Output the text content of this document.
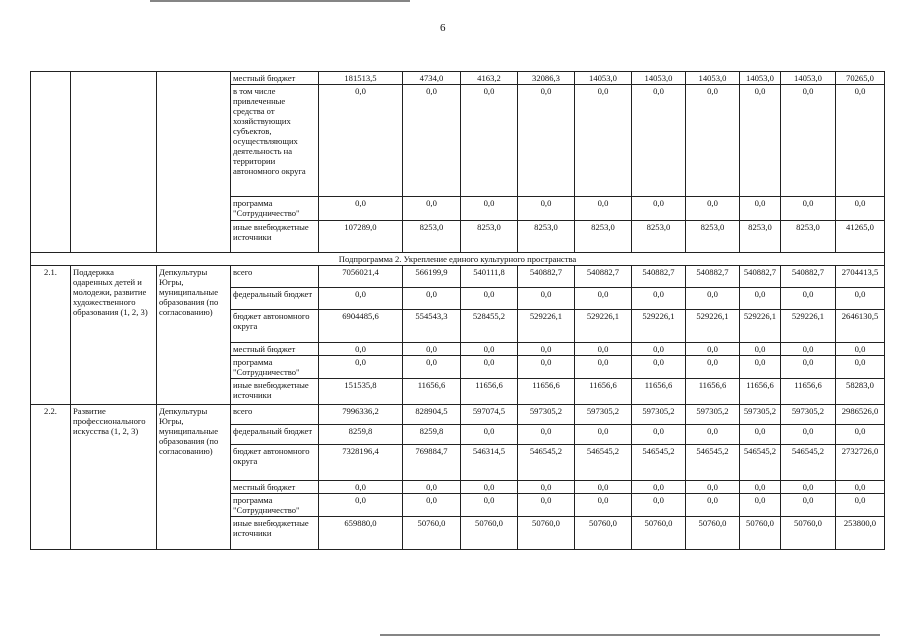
6
			местный бюджет	181513,5	4734,0	4163,2	32086,3	14053,0	14053,0	14053,0	14053,0	14053,0	70265,0
			в том числе привлеченные средства от хозяйствующих субъектов, осуществляющих деятельность на территории автономного округа	0,0	0,0	0,0	0,0	0,0	0,0	0,0	0,0	0,0	0,0
			программа "Сотрудничество"	0,0	0,0	0,0	0,0	0,0	0,0	0,0	0,0	0,0	0,0
			иные внебюджетные источники	107289,0	8253,0	8253,0	8253,0	8253,0	8253,0	8253,0	8253,0	8253,0	41265,0
Подпрограмма 2. Укрепление единого культурного пространства													
2.1.	Поддержка одаренных детей и молодежи, развитие художественного образования (1, 2, 3)	Депкультуры Югры, муниципальные образования (по согласованию)	всего	7056021,4	566199,9	540111,8	540882,7	540882,7	540882,7	540882,7	540882,7	540882,7	2704413,5
			федеральный бюджет	0,0	0,0	0,0	0,0	0,0	0,0	0,0	0,0	0,0	0,0
			бюджет автономного округа	6904485,6	554543,3	528455,2	529226,1	529226,1	529226,1	529226,1	529226,1	529226,1	2646130,5
			местный бюджет	0,0	0,0	0,0	0,0	0,0	0,0	0,0	0,0	0,0	0,0
			программа "Сотрудничество"	0,0	0,0	0,0	0,0	0,0	0,0	0,0	0,0	0,0	0,0
			иные внебюджетные источники	151535,8	11656,6	11656,6	11656,6	11656,6	11656,6	11656,6	11656,6	11656,6	58283,0
2.2.	Развитие профессионального искусства (1, 2, 3)	Депкультуры Югры, муниципальные образования (по согласованию)	всего	7996336,2	828904,5	597074,5	597305,2	597305,2	597305,2	597305,2	597305,2	597305,2	2986526,0
			федеральный бюджет	8259,8	8259,8	0,0	0,0	0,0	0,0	0,0	0,0	0,0	0,0
			бюджет автономного округа	7328196,4	769884,7	546314,5	546545,2	546545,2	546545,2	546545,2	546545,2	546545,2	2732726,0
			местный бюджет	0,0	0,0	0,0	0,0	0,0	0,0	0,0	0,0	0,0	0,0
			программа "Сотрудничество"	0,0	0,0	0,0	0,0	0,0	0,0	0,0	0,0	0,0	0,0
			иные внебюджетные источники	659880,0	50760,0	50760,0	50760,0	50760,0	50760,0	50760,0	50760,0	50760,0	253800,0
